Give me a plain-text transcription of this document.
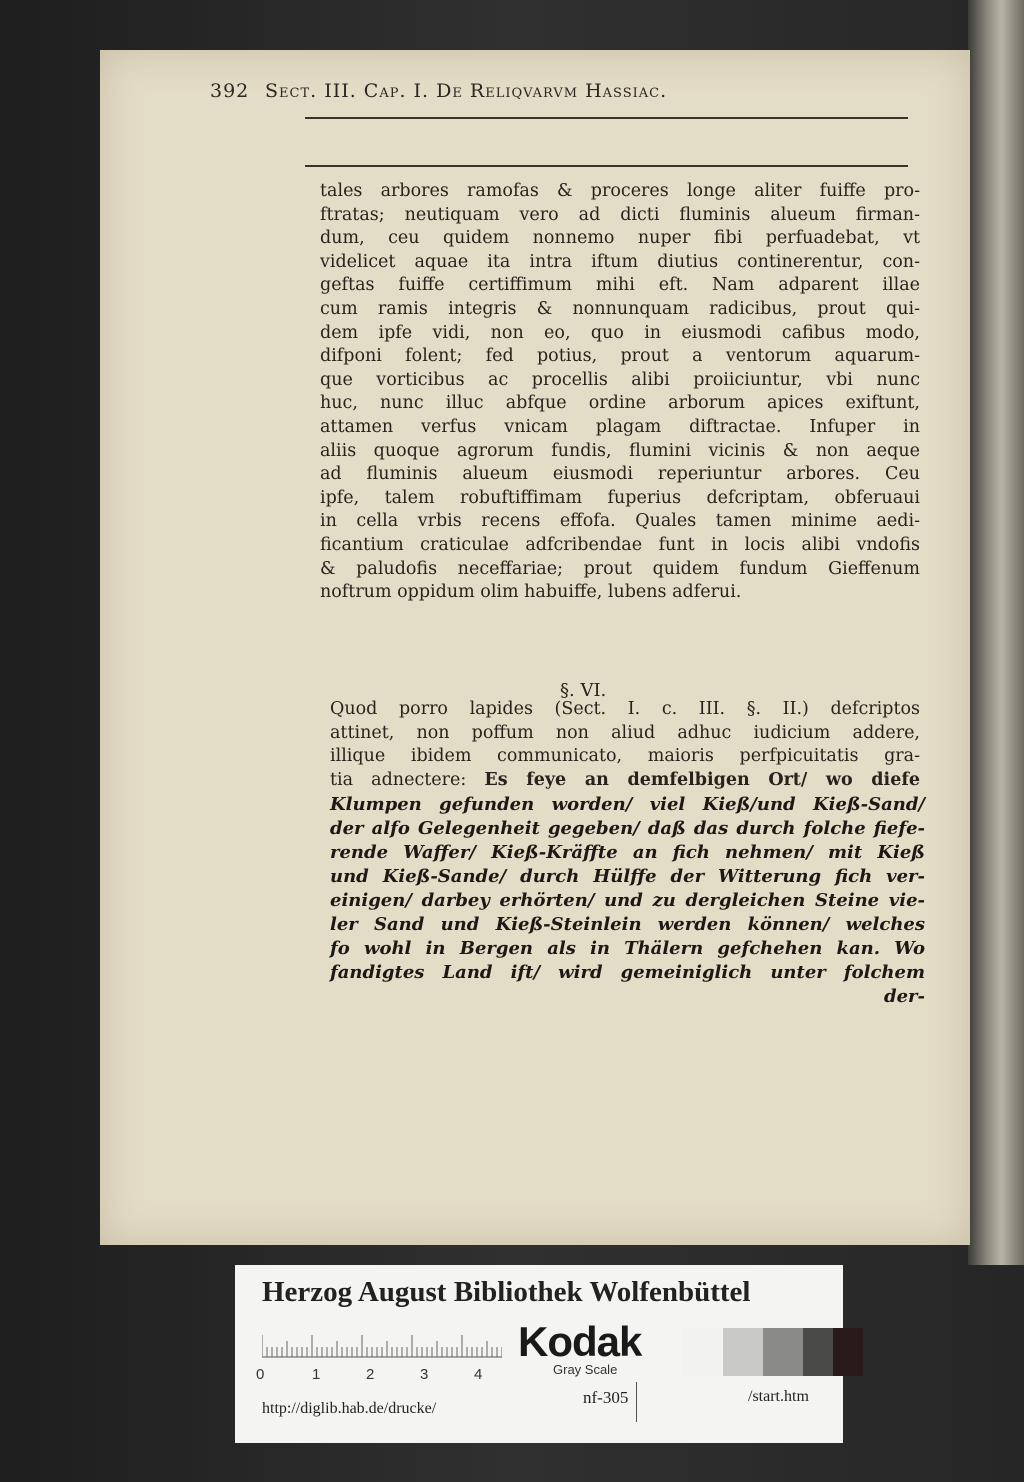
392 Sect. III. Cap. I. De Reliqvarvm Hassiac.
tales arbores ramofas & proceres longe aliter fuiffe pro-
ftratas; neutiquam vero ad dicti fluminis alueum firman-
dum, ceu quidem nonnemo nuper fibi perfuadebat, vt
videlicet aquae ita intra iftum diutius continerentur, con-
geftas fuiffe certiffimum mihi eft. Nam adparent illae
cum ramis integris & nonnunquam radicibus, prout qui-
dem ipfe vidi, non eo, quo in eiusmodi cafibus modo,
difponi folent; fed potius, prout a ventorum aquarum-
que vorticibus ac procellis alibi proiiciuntur, vbi nunc
huc, nunc illuc abfque ordine arborum apices exiftunt,
attamen verfus vnicam plagam diftractae. Infuper in
aliis quoque agrorum fundis, flumini vicinis & non aeque
ad fluminis alueum eiusmodi reperiuntur arbores. Ceu
ipfe, talem robuftiffimam fuperius defcriptam, obferuaui
in cella vrbis recens effofa. Quales tamen minime aedi-
ficantium craticulae adfcribendae funt in locis alibi vndofis
& paludofis neceffariae; prout quidem fundum Gieffenum
noftrum oppidum olim habuiffe, lubens adferui.
§. VI.
Quod porro lapides (Sect. I. c. III. §. II.) defcriptos
attinet, non poffum non aliud adhuc iudicium addere,
illique ibidem communicato, maioris perfpicuitatis gra-
tia adnectere: Es feye an demfelbigen Ort/ wo diefe
Klumpen gefunden worden/ viel Kieß/und Kieß-Sand/
der alfo Gelegenheit gegeben/ daß das durch folche fiefe-
rende Waffer/ Kieß-Kräffte an fich nehmen/ mit Kieß
und Kieß-Sande/ durch Hülffe der Witterung fich ver-
einigen/ darbey erhörten/ und zu dergleichen Steine vie-
ler Sand und Kieß-Steinlein werden können/ welches
fo wohl in Bergen als in Thälern gefchehen kan. Wo
fandigtes Land ift/ wird gemeiniglich unter folchem
der-
Herzog August Bibliothek Wolfenbüttel
0	1	2	3	4
Kodak
Gray Scale
http://diglib.hab.de/drucke/
nf-305	/start.htm
